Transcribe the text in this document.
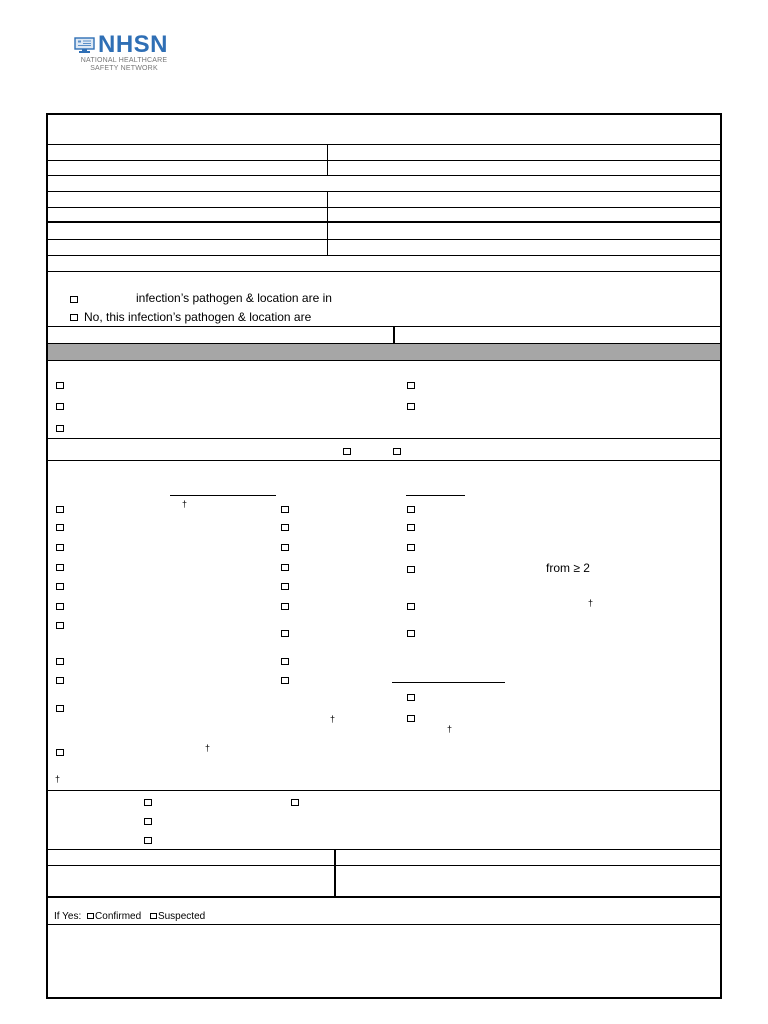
NHSN
NATIONAL HEALTHCARE
SAFETY NETWORK
infection’s pathogen & location are in
No, this infection’s pathogen & location are
†
†
†
†
from ≥ 2
†
†
If Yes: Confirmed Suspected
